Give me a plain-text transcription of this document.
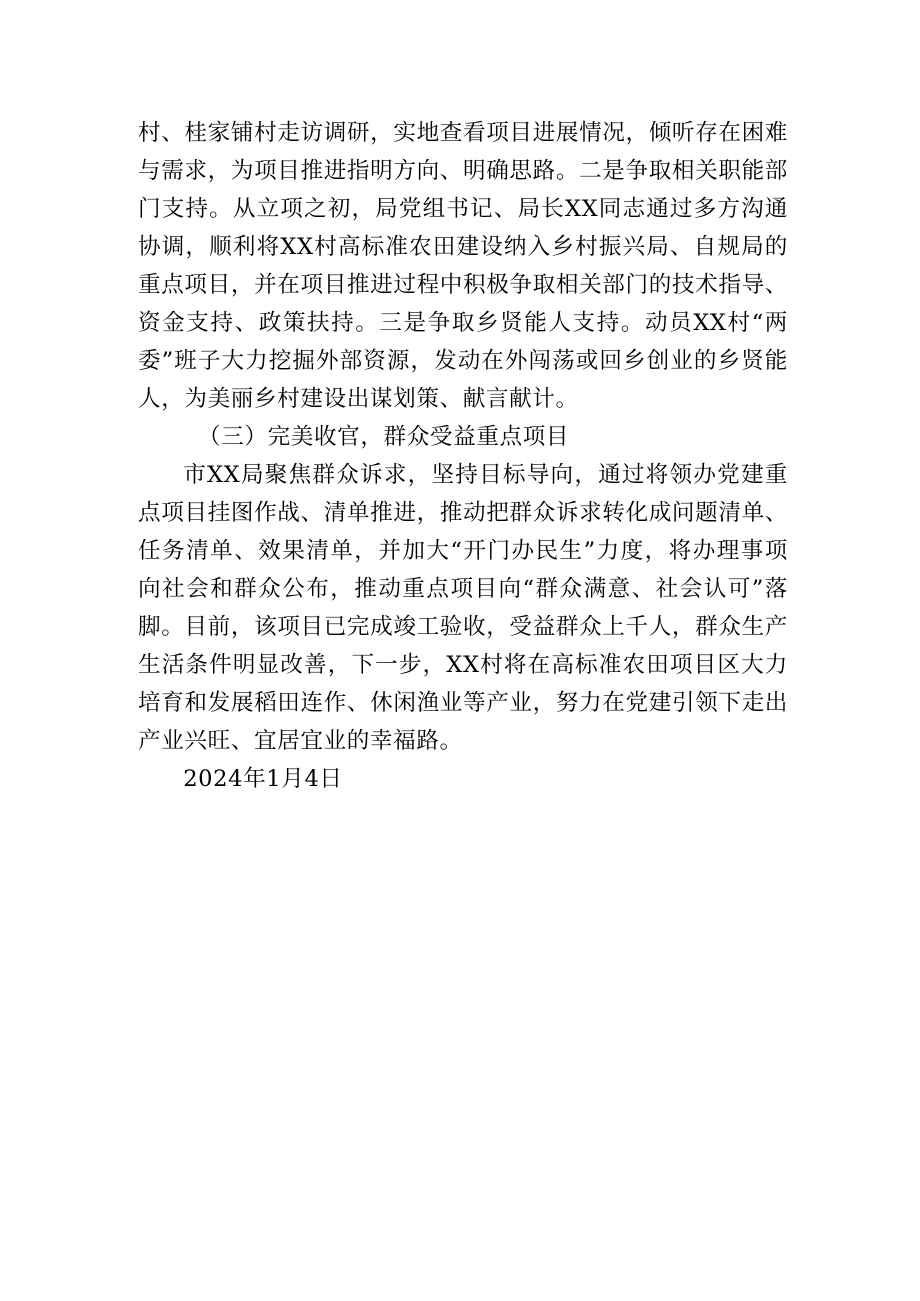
村、桂家铺村走访调研，实地查看项目进展情况，倾听存在困难与需求，为项目推进指明方向、明确思路。二是争取相关职能部门支持。从立项之初，局党组书记、局长XX同志通过多方沟通协调，顺利将XX村高标准农田建设纳入乡村振兴局、自规局的重点项目，并在项目推进过程中积极争取相关部门的技术指导、资金支持、政策扶持。三是争取乡贤能人支持。动员XX村“两委”班子大力挖掘外部资源，发动在外闯荡或回乡创业的乡贤能人，为美丽乡村建设出谋划策、献言献计。

（三）完美收官，群众受益重点项目

市XX局聚焦群众诉求，坚持目标导向，通过将领办党建重点项目挂图作战、清单推进，推动把群众诉求转化成问题清单、任务清单、效果清单，并加大“开门办民生”力度，将办理事项向社会和群众公布，推动重点项目向“群众满意、社会认可”落脚。目前，该项目已完成竣工验收，受益群众上千人，群众生产生活条件明显改善，下一步，XX村将在高标准农田项目区大力培育和发展稻田连作、休闲渔业等产业，努力在党建引领下走出产业兴旺、宜居宜业的幸福路。

2024年1月4日
